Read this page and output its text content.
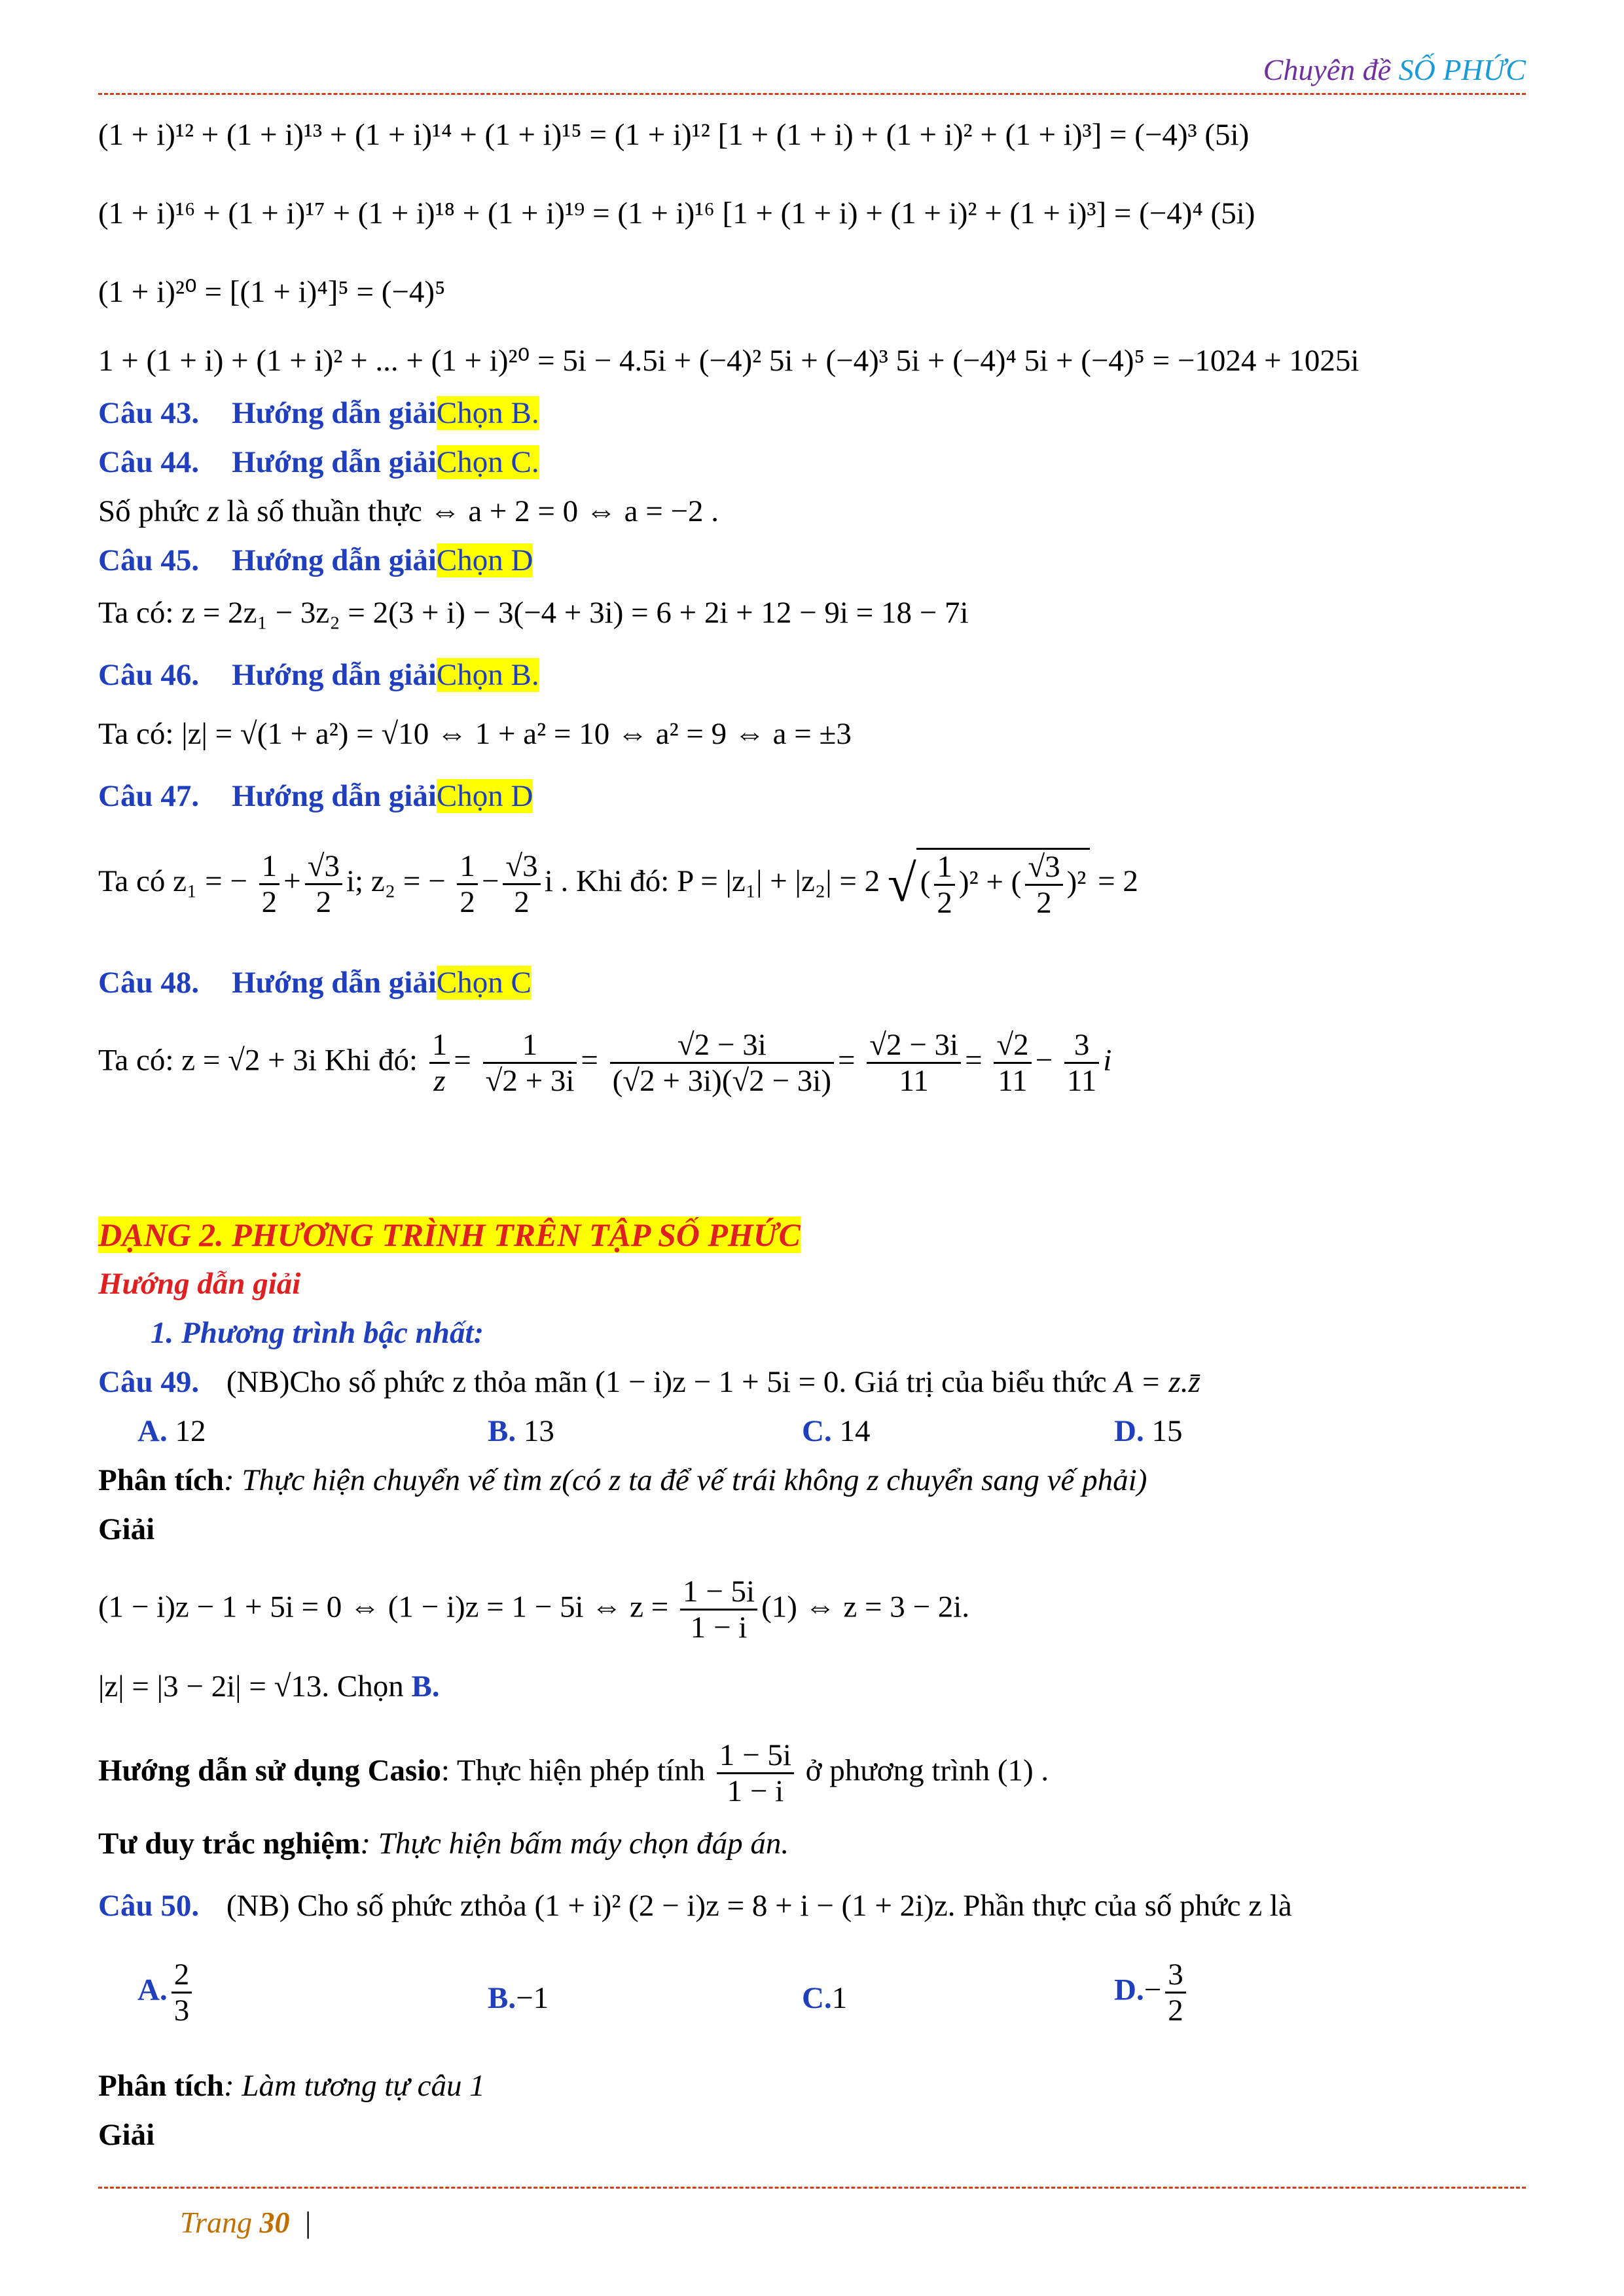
Chuyên đề SỐ PHỨC
(1 + i)¹² + (1 + i)¹³ + (1 + i)¹⁴ + (1 + i)¹⁵ = (1 + i)¹² [1 + (1 + i) + (1 + i)² + (1 + i)³] = (−4)³ (5i)
(1 + i)¹⁶ + (1 + i)¹⁷ + (1 + i)¹⁸ + (1 + i)¹⁹ = (1 + i)¹⁶ [1 + (1 + i) + (1 + i)² + (1 + i)³] = (−4)⁴ (5i)
(1 + i)²⁰ = [(1 + i)⁴]⁵ = (−4)⁵
1 + (1 + i) + (1 + i)² + ... + (1 + i)²⁰ = 5i − 4.5i + (−4)² 5i + (−4)³ 5i + (−4)⁴ 5i + (−4)⁵ = −1024 + 1025i
Câu 43. Hướng dẫn giảiChọn B.
Câu 44. Hướng dẫn giảiChọn C.
Số phức z là số thuần thực ⇔ a + 2 = 0 ⇔ a = −2 .
Câu 45. Hướng dẫn giảiChọn D
Ta có: z = 2z₁ − 3z₂ = 2(3 + i) − 3(−4 + 3i) = 6 + 2i + 12 − 9i = 18 − 7i
Câu 46. Hướng dẫn giảiChọn B.
Ta có: |z| = √(1 + a²) = √10 ⇔ 1 + a² = 10 ⇔ a² = 9 ⇔ a = ±3
Câu 47. Hướng dẫn giảiChọn D
Ta có z₁ = − $\frac{1}{2} + \frac{√3}{2} i$; z₂ = − $\frac{1}{2} - \frac{√3}{2}$ i . Khi đó: P = |z₁| + |z₂| = 2 √ ( $\frac{1}{2} )^2$ + ( $\frac{√3}{2} )^2 = 2$
Câu 48. Hướng dẫn giảiChọn C
Ta có: z = √2 + 3i Khi đó: $\frac{1}{z} = \frac{1}{√2 + 3i} = \frac{√2 - 3i}{(√2 + 3i)(√2 - 3i)} = \frac{√2 - 3i}{11} = \frac{√2}{11} - \frac{3}{11}$ i
DẠNG 2. PHƯƠNG TRÌNH TRÊN TẬP SỐ PHỨC
Hướng dẫn giải
1. Phương trình bậc nhất:
Câu 49. (NB)Cho số phức z thỏa mãn (1 − i)z − 1 + 5i = 0. Giá trị của biểu thức A = z.z̄
A. 12	B. 13	C. 14	D. 15
Phân tích: Thực hiện chuyển vế tìm z(có z ta để vế trái không z chuyển sang vế phải)
Giải
(1 − i)z − 1 + 5i = 0 ⇔ (1 − i)z = 1 − 5i ⇔ $z = \frac{1 - 5i}{1 - i} (1)$ ⇔ z = 3 − 2i.
|z| = |3 − 2i| = √13. Chọn B.
Hướng dẫn sử dụng Casio: Thực hiện phép tính $\frac{1 - 5i}{1 - i}$ ở phương trình (1) .
Tư duy trắc nghiệm: Thực hiện bấm máy chọn đáp án.
Câu 50. (NB) Cho số phức zthỏa (1 + i)² (2 − i)z = 8 + i − (1 + 2i)z. Phần thực của số phức z là
A. $\frac{2}{3}$	B.−1	C.1	$D.- \frac{3}{2}$
Phân tích: Làm tương tự câu 1
Giải
Trang 30 |
